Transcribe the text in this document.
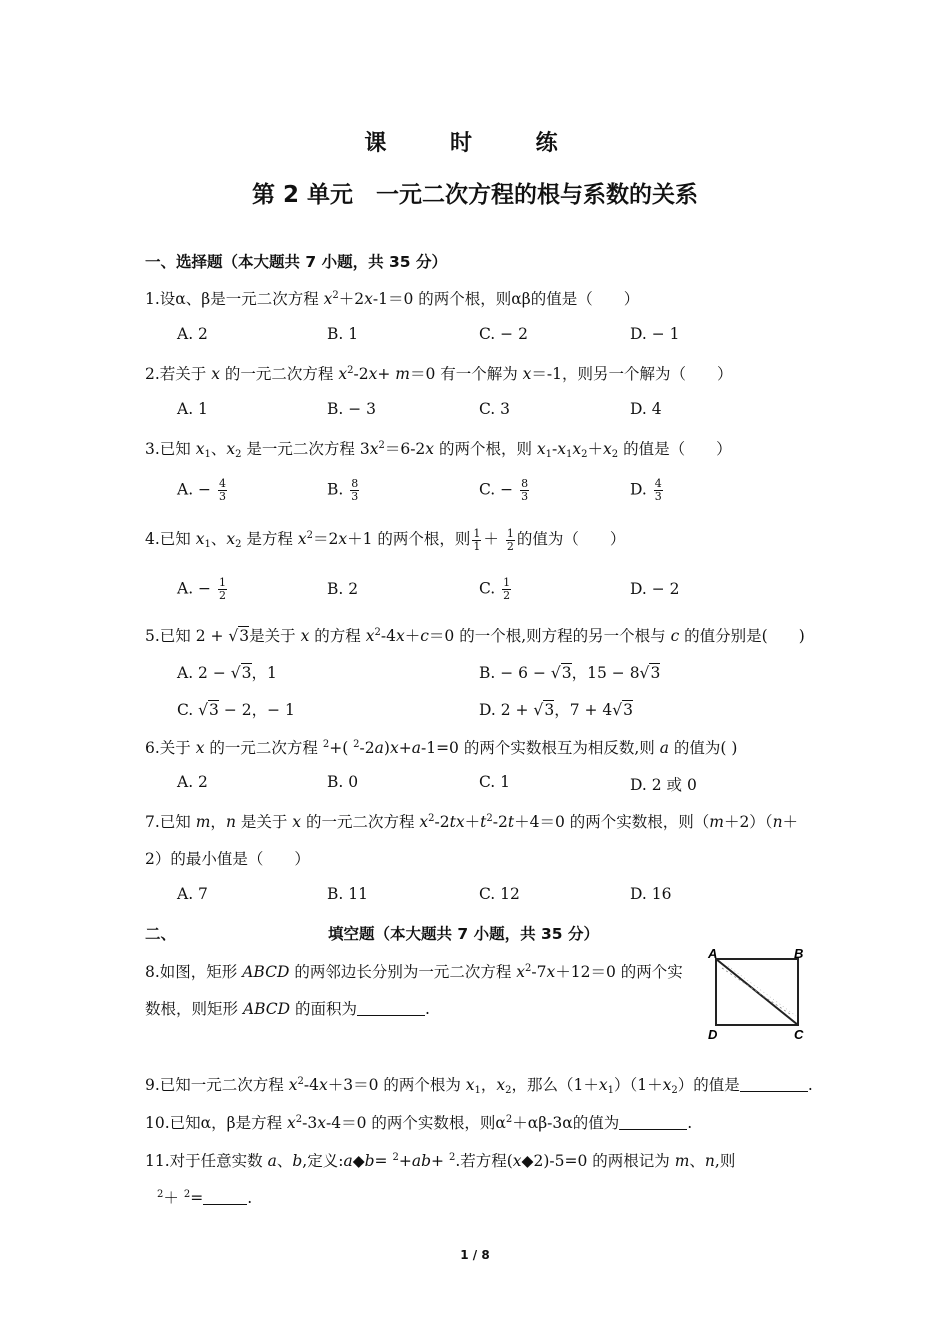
课 时 练
第 2 单元　一元二次方程的根与系数的关系
一、选择题（本大题共 7 小题，共 35 分）
1.设α、β是一元二次方程 $x^2+2x-1=0$ 的两个根，则αβ的值是（　　）
A. 2	B. 1	C. − 2	D. − 1
2.若关于 x 的一元二次方程 $x^2-2x+ m=0$ 有一个解为 x＝-1，则另一个解为（　　）
A. 1	B. − 3	C. 3	D. 4
3.已知 $x_1$、$x_2$ 是一元二次方程 $3x^2=6-2x$ 的两个根，则 $x_1-x_1x_2+x_2$ 的值是（　　）
A. − $\frac{4}{3}$	B. $\frac{8}{3}$	C. − $\frac{8}{3}$	D. $\frac{4}{3}$
4.已知 $x_1$、$x_2$ 是方程 $x^2=2x+1$ 的两个根，则 $\frac{1}{1} + \frac{1}{2}$ 的值为（　　）
A. − $\frac{1}{2}$	B. 2	C. $\frac{1}{2}$	D. − 2
5.已知 2 + √3是关于 x 的方程 $x^2-4x+c=0$ 的一个根,则方程的另一个根与 c 的值分别是(　　)
A. 2 − √3，1	B. − 6 − √3，15 − 8√3
C. √3 − 2，− 1	D. 2 + √3，7 + 4√3
6.关于 x 的一元二次方程 $^2$+( $^2$-2a)x+a-1=0 的两个实数根互为相反数,则 a 的值为( )
A. 2	B. 0	C. 1	D. 2 或 0
7.已知 m，n 是关于 x 的一元二次方程 $x^2-2tx+t^2-2t+4=0$ 的两个实数根，则（m＋2）（n＋
2）的最小值是（　　）
A. 7	B. 11	C. 12	D. 16
二、	填空题（本大题共 7 小题，共 35 分）
8.如图，矩形 ABCD 的两邻边长分别为一元二次方程 $x^2-7x+12=0$ 的两个实
数根，则矩形 ABCD 的面积为	.
A	B
C
D
9.已知一元二次方程 $x^2-4x+3=0$ 的两个根为 $x_1$，$x_2$，那么$(1+x_1)(1+x_2)$的值是	.
10.已知α，β是方程 $x^2-3x-4=0$ 的两个实数根，则$\alpha^2+\alpha\beta-3\alpha$的值为	.
11.对于任意实数 a、b,定义:a◆b= $^2$+ab+ $^2$.若方程(x◆2)-5=0 的两根记为 m、n,则
$^2$＋ $^2$=	.
1 / 8
